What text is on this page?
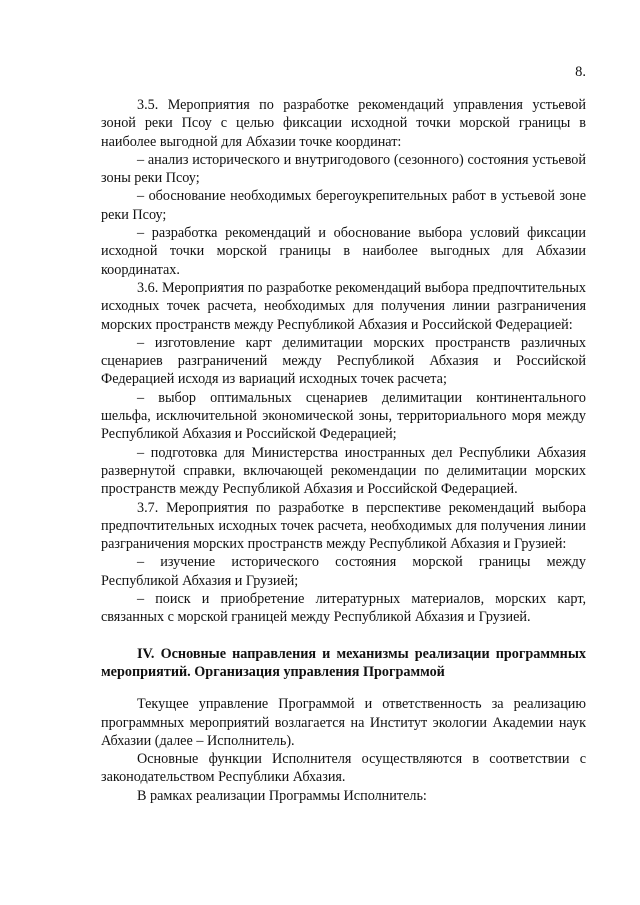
8.

3.5. Мероприятия по разработке рекомендаций управления устьевой зоной реки Псоу с целью фиксации исходной точки морской границы в наиболее выгодной для Абхазии точке координат:

– анализ исторического и внутригодового (сезонного) состояния устьевой зоны реки Псоу;

– обоснование необходимых берегоукрепительных работ в устьевой зоне реки Псоу;

– разработка рекомендаций и обоснование выбора условий фиксации исходной точки морской границы в наиболее выгодных для Абхазии координатах.

3.6. Мероприятия по разработке рекомендаций выбора предпочтительных исходных точек расчета, необходимых для получения линии разграничения морских пространств между Республикой Абхазия и Российской Федерацией:

– изготовление карт делимитации морских пространств различных сценариев разграничений между Республикой Абхазия и Российской Федерацией исходя из вариаций исходных точек расчета;

– выбор оптимальных сценариев делимитации континентального шельфа, исключительной экономической зоны, территориального моря между Республикой Абхазия и Российской Федерацией;

– подготовка для Министерства иностранных дел Республики Абхазия развернутой справки, включающей рекомендации по делимитации морских пространств между Республикой Абхазия и Российской Федерацией.

3.7. Мероприятия по разработке в перспективе рекомендаций выбора предпочтительных исходных точек расчета, необходимых для получения линии разграничения морских пространств между Республикой Абхазия и Грузией:

– изучение исторического состояния морской границы между Республикой Абхазия и Грузией;

– поиск и приобретение литературных материалов, морских карт, связанных с морской границей между Республикой Абхазия и Грузией.

IV. Основные направления и механизмы реализации программных мероприятий. Организация управления Программой

Текущее управление Программой и ответственность за реализацию программных мероприятий возлагается на Институт экологии Академии наук Абхазии (далее – Исполнитель).

Основные функции Исполнителя осуществляются в соответствии с законодательством Республики Абхазия.

В рамках реализации Программы Исполнитель:
